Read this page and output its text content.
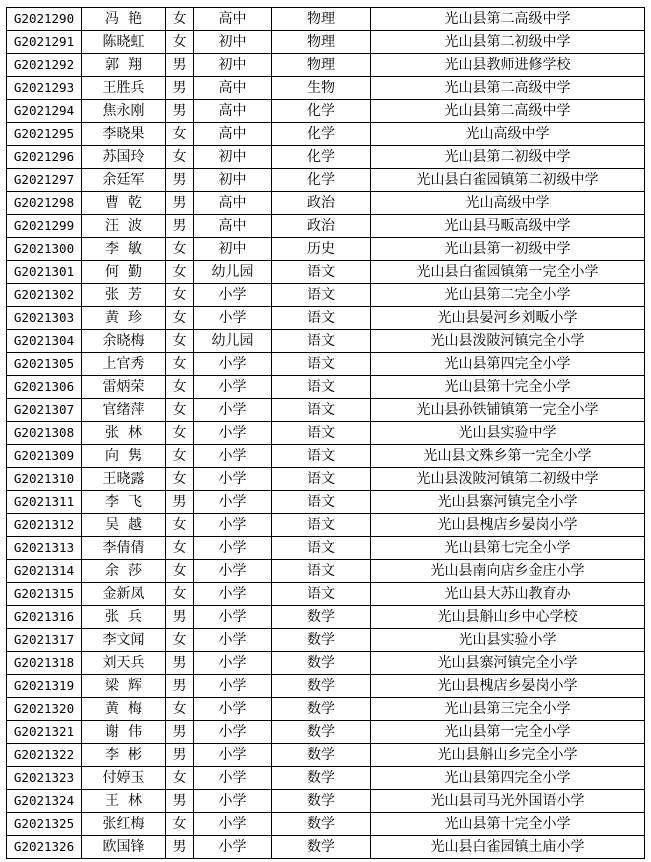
G2021290	冯  艳	女	高中	物理	光山县第二高级中学
G2021291	陈晓虹	女	初中	物理	光山县第二初级中学
G2021292	郭  翔	男	初中	物理	光山县教师进修学校
G2021293	王胜兵	男	高中	生物	光山县第二高级中学
G2021294	焦永刚	男	高中	化学	光山县第二高级中学
G2021295	李晓果	女	高中	化学	光山高级中学
G2021296	苏国玲	女	初中	化学	光山县第二初级中学
G2021297	余廷军	男	初中	化学	光山县白雀园镇第二初级中学
G2021298	曹  乾	男	高中	政治	光山高级中学
G2021299	汪  波	男	高中	政治	光山县马畈高级中学
G2021300	李  敏	女	初中	历史	光山县第一初级中学
G2021301	何  勤	女	幼儿园	语文	光山县白雀园镇第一完全小学
G2021302	张  芳	女	小学	语文	光山县第二完全小学
G2021303	黄  珍	女	小学	语文	光山县晏河乡刘畈小学
G2021304	余晓梅	女	幼儿园	语文	光山县泼陂河镇完全小学
G2021305	上官秀	女	小学	语文	光山县第四完全小学
G2021306	雷炳荣	女	小学	语文	光山县第十完全小学
G2021307	官绪萍	女	小学	语文	光山县孙铁铺镇第一完全小学
G2021308	张  林	女	小学	语文	光山县实验中学
G2021309	向  隽	女	小学	语文	光山县文殊乡第一完全小学
G2021310	王晓露	女	小学	语文	光山县泼陂河镇第二初级中学
G2021311	李  飞	男	小学	语文	光山县寨河镇完全小学
G2021312	吴  越	女	小学	语文	光山县槐店乡晏岗小学
G2021313	李倩倩	女	小学	语文	光山县第七完全小学
G2021314	余  莎	女	小学	语文	光山县南向店乡金庄小学
G2021315	金新凤	女	小学	语文	光山县大苏山教育办
G2021316	张  兵	男	小学	数学	光山县斛山乡中心学校
G2021317	李文闻	女	小学	数学	光山县实验小学
G2021318	刘天兵	男	小学	数学	光山县寨河镇完全小学
G2021319	梁  辉	男	小学	数学	光山县槐店乡晏岗小学
G2021320	黄  梅	女	小学	数学	光山县第三完全小学
G2021321	谢  伟	男	小学	数学	光山县第一完全小学
G2021322	李  彬	男	小学	数学	光山县斛山乡完全小学
G2021323	付婷玉	女	小学	数学	光山县第四完全小学
G2021324	王  林	男	小学	数学	光山县司马光外国语小学
G2021325	张红梅	女	小学	数学	光山县第十完全小学
G2021326	欧国锋	男	小学	数学	光山县白雀园镇土庙小学
